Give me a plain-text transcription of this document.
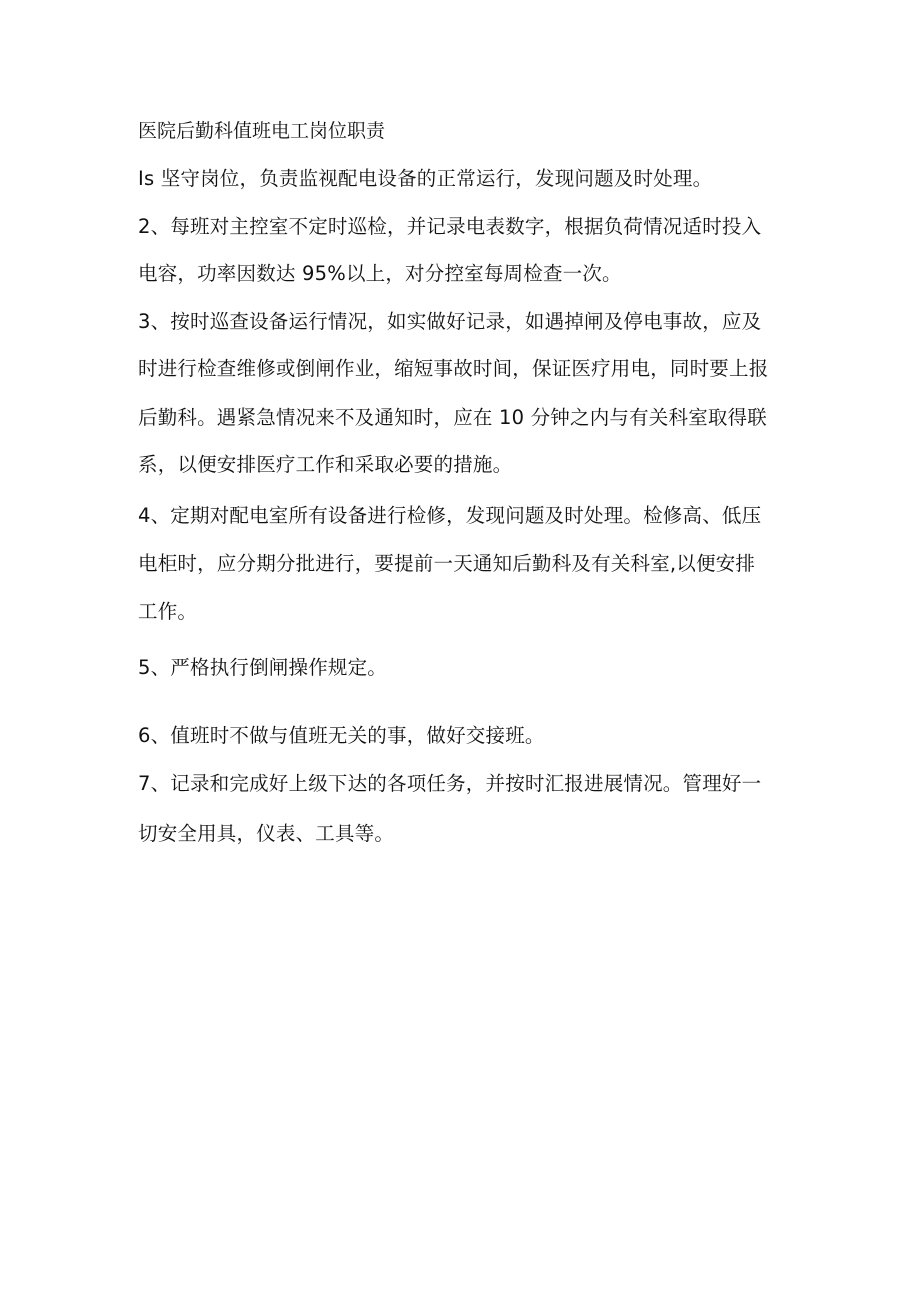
医院后勤科值班电工岗位职责
Is 坚守岗位，负责监视配电设备的正常运行，发现问题及时处理。
2、每班对主控室不定时巡检，并记录电表数字，根据负荷情况适时投入
电容，功率因数达 95%以上，对分控室每周检查一次。
3、按时巡查设备运行情况，如实做好记录，如遇掉闸及停电事故，应及
时进行检查维修或倒闸作业，缩短事故时间，保证医疗用电，同时要上报
后勤科。遇紧急情况来不及通知时，应在 10 分钟之内与有关科室取得联
系，以便安排医疗工作和采取必要的措施。
4、定期对配电室所有设备进行检修，发现问题及时处理。检修高、低压
电柜时，应分期分批进行，要提前一天通知后勤科及有关科室,以便安排
工作。
5、严格执行倒闸操作规定。
6、值班时不做与值班无关的事，做好交接班。
7、记录和完成好上级下达的各项任务，并按时汇报进展情况。管理好一
切安全用具，仪表、工具等。
